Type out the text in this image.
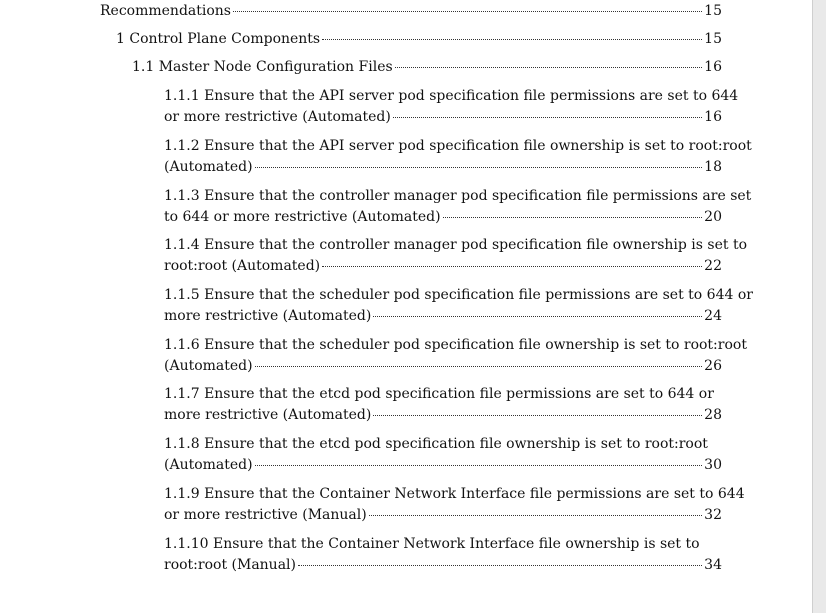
Recommendations	15
1 Control Plane Components	15
1.1 Master Node Configuration Files	16
1.1.1 Ensure that the API server pod specification file permissions are set to 644
or more restrictive (Automated)	16
1.1.2 Ensure that the API server pod specification file ownership is set to root:root
(Automated)	18
1.1.3 Ensure that the controller manager pod specification file permissions are set
to 644 or more restrictive (Automated)	20
1.1.4 Ensure that the controller manager pod specification file ownership is set to
root:root (Automated)	22
1.1.5 Ensure that the scheduler pod specification file permissions are set to 644 or
more restrictive (Automated)	24
1.1.6 Ensure that the scheduler pod specification file ownership is set to root:root
(Automated)	26
1.1.7 Ensure that the etcd pod specification file permissions are set to 644 or
more restrictive (Automated)	28
1.1.8 Ensure that the etcd pod specification file ownership is set to root:root
(Automated)	30
1.1.9 Ensure that the Container Network Interface file permissions are set to 644
or more restrictive (Manual)	32
1.1.10 Ensure that the Container Network Interface file ownership is set to
root:root (Manual)	34
